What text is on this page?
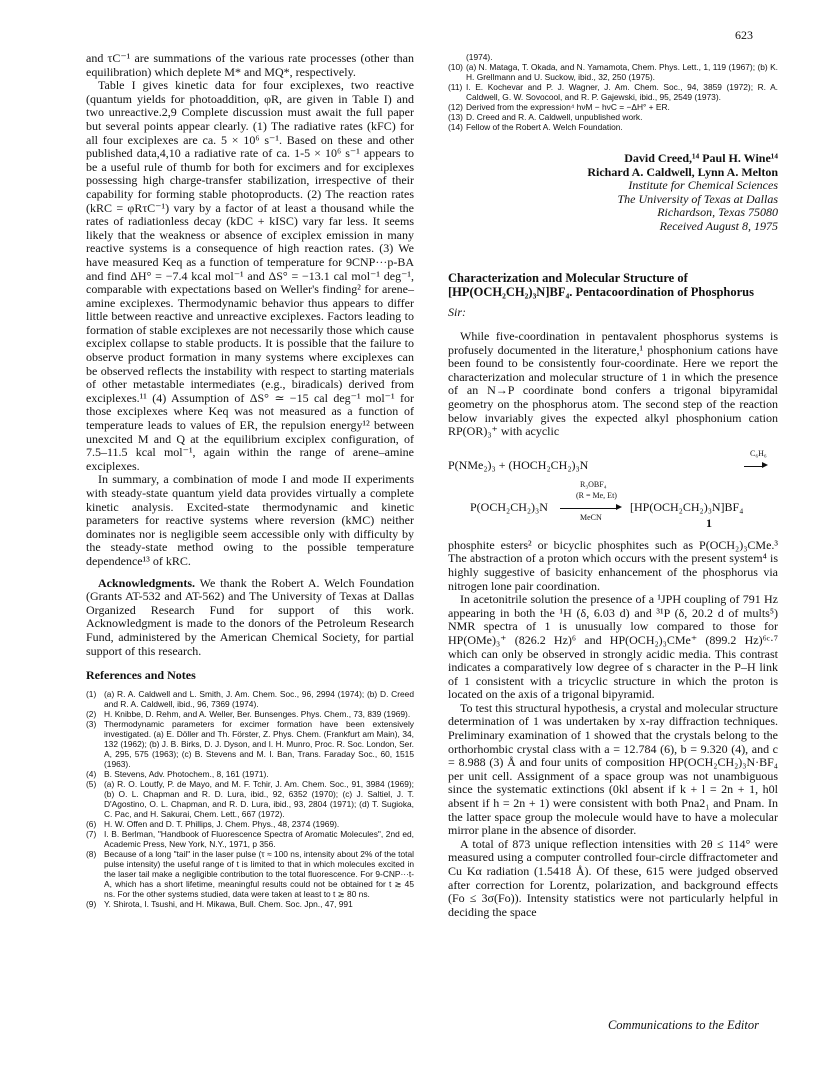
623

and τC⁻¹ are summations of the various rate processes (other than equilibration) which deplete M* and MQ*, respectively.

Table I gives kinetic data for four exciplexes, two reactive (quantum yields for photoaddition, φR, are given in Table I) and two unreactive.2,9 Complete discussion must await the full paper but several points appear clearly. (1) The radiative rates (kFC) for all four exciplexes are ca. 5 × 10⁶ s⁻¹. Based on these and other published data,4,10 a radiative rate of ca. 1-5 × 10⁶ s⁻¹ appears to be a useful rule of thumb for both for excimers and for exciplexes possessing high charge-transfer stabilization, irrespective of their capability for forming stable photoproducts. (2) The reaction rates (kRC = φRτC⁻¹) vary by a factor of at least a thousand while the rates of radiationless decay (kDC + kISC) vary far less. It seems likely that the weakness or absence of exciplex emission in many reactive systems is a consequence of high reaction rates. (3) We have measured Keq as a function of temperature for 9CNP···p-BA and find ΔH° = −7.4 kcal mol⁻¹ and ΔS° = −13.1 cal mol⁻¹ deg⁻¹, comparable with expectations based on Weller's finding² for arene–amine exciplexes. Thermodynamic behavior thus appears to differ little between reactive and unreactive exciplexes. Factors leading to formation of stable exciplexes are not necessarily those which cause exciplex collapse to stable products. It is possible that the failure to observe product formation in many systems where exciplexes can be observed reflects the instability with respect to starting materials of other metastable intermediates (e.g., biradicals) derived from exciplexes.¹¹ (4) Assumption of ΔS° ≃ −15 cal deg⁻¹ mol⁻¹ for those exciplexes where Keq was not measured as a function of temperature leads to values of ER, the repulsion energy¹² between unexcited M and Q at the equilibrium exciplex configuration, of 7.5–11.5 kcal mol⁻¹, again within the range of arene–amine exciplexes.

In summary, a combination of mode I and mode II experiments with steady-state quantum yield data provides virtually a complete kinetic analysis. Excited-state thermodynamic and kinetic parameters for reactive systems where reversion (kMC) neither dominates nor is negligible seem accessible only with difficulty by the steady-state method owing to the possible temperature dependence¹³ of kRC.

Acknowledgments. We thank the Robert A. Welch Foundation (Grants AT-532 and AT-562) and The University of Texas at Dallas Organized Research Fund for support of this work. Acknowledgment is made to the donors of the Petroleum Research Fund, administered by the American Chemical Society, for partial support of this research.

References and Notes

(1) (a) R. A. Caldwell and L. Smith, J. Am. Chem. Soc., 96, 2994 (1974); (b) D. Creed and R. A. Caldwell, ibid., 96, 7369 (1974).

(2) H. Knibbe, D. Rehm, and A. Weller, Ber. Bunsenges. Phys. Chem., 73, 839 (1969).

(3) Thermodynamic parameters for excimer formation have been extensively investigated. (a) E. Döller and Th. Förster, Z. Phys. Chem. (Frankfurt am Main), 34, 132 (1962); (b) J. B. Birks, D. J. Dyson, and I. H. Munro, Proc. R. Soc. London, Ser. A, 295, 575 (1963); (c) B. Stevens and M. I. Ban, Trans. Faraday Soc., 60, 1515 (1963).

(4) B. Stevens, Adv. Photochem., 8, 161 (1971).

(5) (a) R. O. Loutfy, P. de Mayo, and M. F. Tchir, J. Am. Chem. Soc., 91, 3984 (1969); (b) O. L. Chapman and R. D. Lura, ibid., 92, 6352 (1970); (c) J. Saltiel, J. T. D'Agostino, O. L. Chapman, and R. D. Lura, ibid., 93, 2804 (1971); (d) T. Sugioka, C. Pac, and H. Sakurai, Chem. Lett., 667 (1972).

(6) H. W. Offen and D. T. Phillips, J. Chem. Phys., 48, 2374 (1969).

(7) I. B. Berlman, "Handbook of Fluorescence Spectra of Aromatic Molecules", 2nd ed, Academic Press, New York, N.Y., 1971, p 356.

(8) Because of a long "tail" in the laser pulse (τ ≈ 100 ns, intensity about 2% of the total pulse intensity) the useful range of t is limited to that in which molecules excited in the laser tail make a negligible contribution to the total fluorescence. For 9-CNP···t-A, which has a short lifetime, meaningful results could not be obtained for t ≳ 45 ns. For the other systems studied, data were taken at least to t ≳ 80 ns.

(9) Y. Shirota, I. Tsushi, and H. Mikawa, Bull. Chem. Soc. Jpn., 47, 991

(1974).

(10) (a) N. Mataga, T. Okada, and N. Yamamota, Chem. Phys. Lett., 1, 119 (1967); (b) K. H. Grellmann and U. Suckow, ibid., 32, 250 (1975).

(11) I. E. Kochevar and P. J. Wagner, J. Am. Chem. Soc., 94, 3859 (1972); R. A. Caldwell, G. W. Sovocool, and R. P. Gajewski, ibid., 95, 2549 (1973).

(12) Derived from the expression⁴ hνM − hνC = −ΔH° + ER.

(13) D. Creed and R. A. Caldwell, unpublished work.

(14) Fellow of the Robert A. Welch Foundation.

David Creed,¹⁴ Paul H. Wine¹⁴
Richard A. Caldwell, Lynn A. Melton
Institute for Chemical Sciences
The University of Texas at Dallas
Richardson, Texas 75080
Received August 8, 1975
Characterization and Molecular Structure of [HP(OCH₂CH₂)₃N]BF₄. Pentacoordination of Phosphorus
Sir:

While five-coordination in pentavalent phosphorus systems is profusely documented in the literature,¹ phosphonium cations have been found to be consistently four-coordinate. Here we report the characterization and molecular structure of 1 in which the presence of an N→P coordinate bond confers a trigonal bipyramidal geometry on the phosphorus atom. The second step of the reaction below invariably gives the expected alkyl phosphonium cation RP(OR)₃⁺ with acyclic

P(NMe₂)₃ + (HOCH₂CH₂)₃N
C₆H₆
R₃OBF₄
(R = Me, Et)
P(OCH₂CH₂)₃N
MeCN
[HP(OCH₂CH₂)₃N]BF₄
1

phosphite esters² or bicyclic phosphites such as P(OCH₂)₃CMe.³ The abstraction of a proton which occurs with the present system⁴ is highly suggestive of basicity enhancement of the phosphorus via nitrogen lone pair coordination.

In acetonitrile solution the presence of a ¹JPH coupling of 791 Hz appearing in both the ¹H (δ, 6.03 d) and ³¹P (δ, 20.2 d of mults⁵) NMR spectra of 1 is unusually low compared to those for HP(OMe)₃⁺ (826.2 Hz)⁶ and HP(OCH₂)₃CMe⁺ (899.2 Hz)⁶ᶜ·⁷ which can only be observed in strongly acidic media. This contrast indicates a comparatively low degree of s character in the P–H link of 1 consistent with a tricyclic structure in which the proton is located on the axis of a trigonal bipyramid.

To test this structural hypothesis, a crystal and molecular structure determination of 1 was undertaken by x-ray diffraction techniques. Preliminary examination of 1 showed that the crystals belong to the orthorhombic crystal class with a = 12.784 (6), b = 9.320 (4), and c = 8.988 (3) Å and four units of composition HP(OCH₂CH₂)₃N·BF₄ per unit cell. Assignment of a space group was not unambiguous since the systematic extinctions (0kl absent if k + l = 2n + 1, h0l absent if h = 2n + 1) were consistent with both Pna2₁ and Pnam. In the latter space group the molecule would have to have a molecular mirror plane in the absence of disorder.

A total of 873 unique reflection intensities with 2θ ≤ 114° were measured using a computer controlled four-circle diffractometer and Cu Kα radiation (1.5418 Å). Of these, 615 were judged observed after correction for Lorentz, polarization, and background effects (Fo ≤ 3σ(Fo)). Intensity statistics were not particularly helpful in deciding the space

Communications to the Editor
